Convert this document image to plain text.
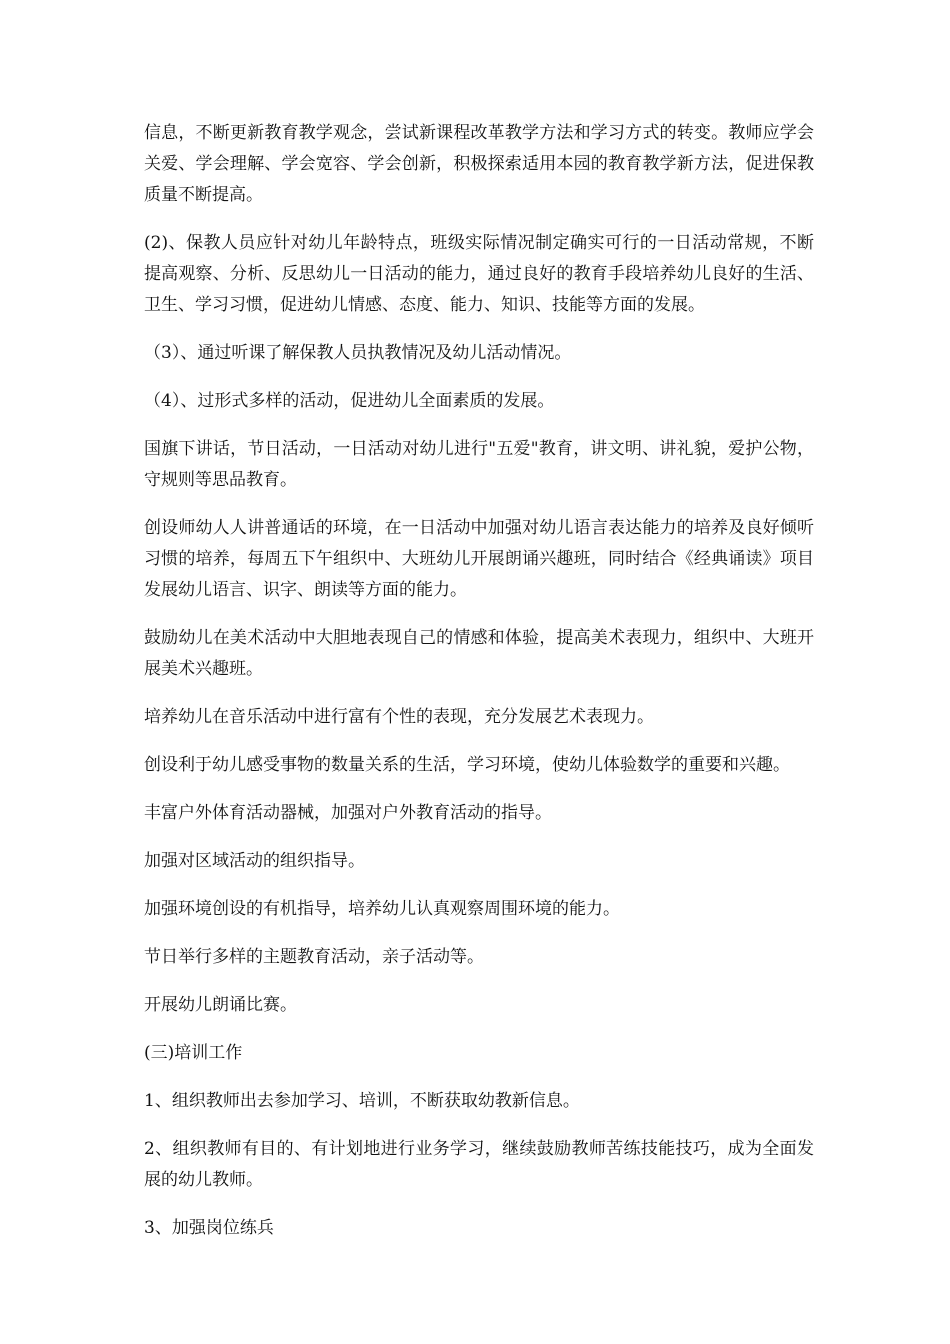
信息，不断更新教育教学观念，尝试新课程改革教学方法和学习方式的转变。教师应学会关爱、学会理解、学会宽容、学会创新，积极探索适用本园的教育教学新方法，促进保教质量不断提高。

(2)、保教人员应针对幼儿年龄特点，班级实际情况制定确实可行的一日活动常规，不断提高观察、分析、反思幼儿一日活动的能力，通过良好的教育手段培养幼儿良好的生活、卫生、学习习惯，促进幼儿情感、态度、能力、知识、技能等方面的发展。

（3）、通过听课了解保教人员执教情况及幼儿活动情况。

（4）、过形式多样的活动，促进幼儿全面素质的发展。

国旗下讲话，节日活动，一日活动对幼儿进行"五爱"教育，讲文明、讲礼貌，爱护公物，守规则等思品教育。

创设师幼人人讲普通话的环境，在一日活动中加强对幼儿语言表达能力的培养及良好倾听习惯的培养，每周五下午组织中、大班幼儿开展朗诵兴趣班，同时结合《经典诵读》项目发展幼儿语言、识字、朗读等方面的能力。

鼓励幼儿在美术活动中大胆地表现自己的情感和体验，提高美术表现力，组织中、大班开展美术兴趣班。

培养幼儿在音乐活动中进行富有个性的表现，充分发展艺术表现力。

创设利于幼儿感受事物的数量关系的生活，学习环境，使幼儿体验数学的重要和兴趣。

丰富户外体育活动器械，加强对户外教育活动的指导。

加强对区域活动的组织指导。

加强环境创设的有机指导，培养幼儿认真观察周围环境的能力。

节日举行多样的主题教育活动，亲子活动等。

开展幼儿朗诵比赛。

(三)培训工作

1、组织教师出去参加学习、培训，不断获取幼教新信息。

2、组织教师有目的、有计划地进行业务学习，继续鼓励教师苦练技能技巧，成为全面发展的幼儿教师。

3、加强岗位练兵
